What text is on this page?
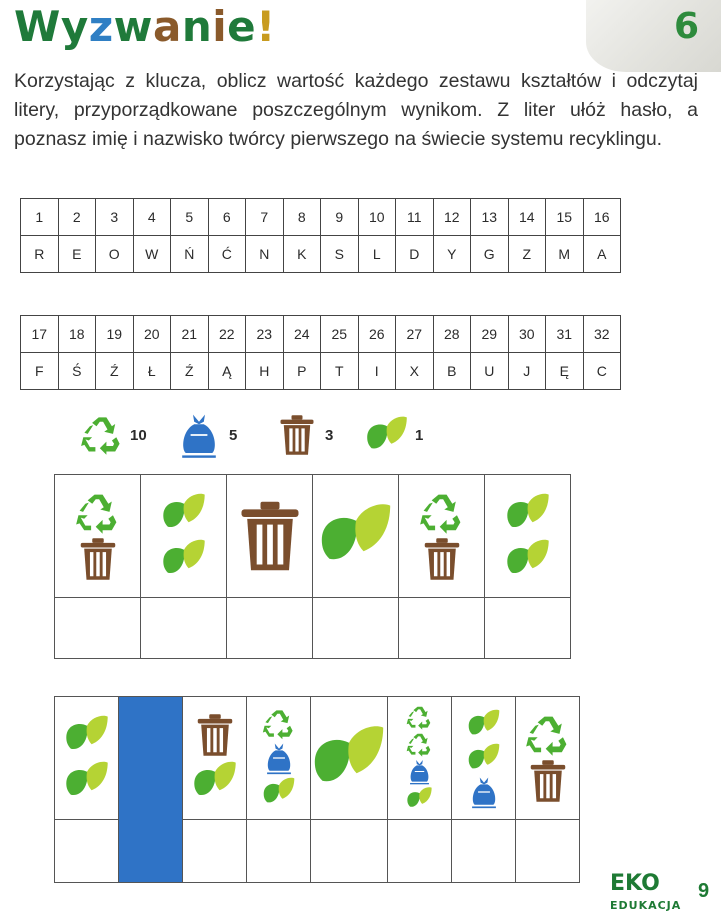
Wyzwanie!	6
Korzystając z klucza, oblicz wartość każdego zestawu kształtów i odczytaj litery, przyporządkowane poszczególnym wynikom. Z liter ułóż hasło, a poznasz imię i nazwisko twórcy pierwszego na świecie systemu recyklingu.
1	2	3	4	5	6	7	8	9	10	11	12	13	14	15	16
R	E	O	W	Ń	Ć	N	K	S	L	D	Y	G	Z	M	A
17	18	19	20	21	22	23	24	25	26	27	28	29	30	31	32
F	Ś	Ź	Ł	Ź	Ą	H	P	T	I	X	B	U	J	Ę	C
10	5	3	1

EKO
EDUKACJA
9
